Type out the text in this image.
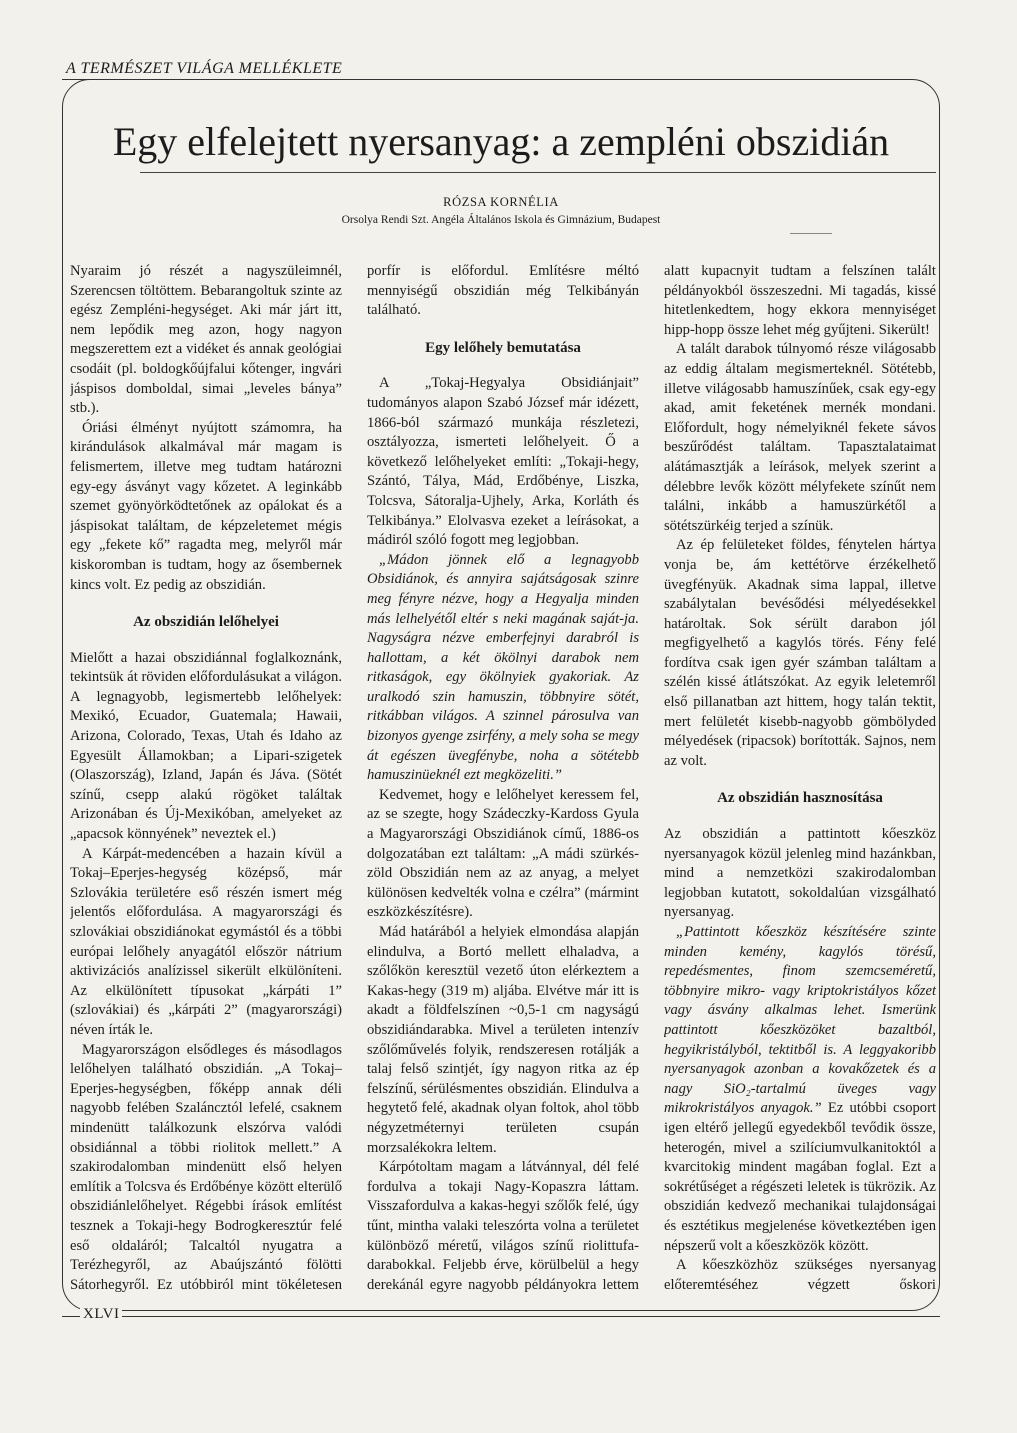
A TERMÉSZET VILÁGA MELLÉKLETE
Egy elfelejtett nyersanyag: a zempléni obszidián
RÓZSA KORNÉLIA
Orsolya Rendi Szt. Angéla Általános Iskola és Gimnázium, Budapest

Nyaraim jó részét a nagyszüleimnél, Szerencsen töltöttem. Bebarangoltuk szinte az egész Zempléni-hegységet. Aki már járt itt, nem lepődik meg azon, hogy nagyon megszerettem ezt a vidéket és annak geológiai csodáit (pl. boldogkőújfalui kőtenger, ingvári jáspisos domboldal, simai „leveles bánya” stb.).

Óriási élményt nyújtott számomra, ha kirándulások alkalmával már magam is felismertem, illetve meg tudtam határozni egy-egy ásványt vagy kőzetet. A leginkább szemet gyönyörködtetőnek az opálokat és a jáspisokat találtam, de képzeletemet mégis egy „fekete kő” ragadta meg, melyről már kiskoromban is tudtam, hogy az ősembernek kincs volt. Ez pedig az obszidián.

Az obszidián lelőhelyei

Mielőtt a hazai obszidiánnal foglalkoznánk, tekintsük át röviden előfordulásukat a világon. A legnagyobb, legismertebb lelőhelyek: Mexikó, Ecuador, Guatemala; Hawaii, Arizona, Colorado, Texas, Utah és Idaho az Egyesült Államokban; a Lipari-szigetek (Olaszország), Izland, Japán és Jáva. (Sötét színű, csepp alakú rögöket találtak Arizonában és Új-Mexikóban, amelyeket az „apacsok könnyének” neveztek el.)

A Kárpát-medencében a hazain kívül a Tokaj–Eperjes-hegység középső, már Szlovákia területére eső részén ismert még jelentős előfordulása. A magyarországi és szlovákiai obszidiánokat egymástól és a többi európai lelőhely anyagától először nátrium aktivizációs analízissel sikerült elkülöníteni. Az elkülönített típusokat „kárpáti 1” (szlovákiai) és „kárpáti 2” (magyarországi) néven írták le.

Magyarországon elsődleges és másodlagos lelőhelyen található obszidián. „A Tokaj–Eperjes-hegységben, főképp annak déli nagyobb felében Szaláncztól lefelé, csaknem mindenütt találkozunk elszórva valódi obsidiánnal a többi riolitok mellett.” A szakirodalomban mindenütt első helyen említik a Tolcsva és Erdőbénye között elterülő obszidiánlelőhelyet. Régebbi írások említést tesznek a Tokaji-hegy Bodrogkeresztúr felé eső oldaláról; Talcaltól nyugatra a Terézhegyről, az Abaújszántó fölötti Sátorhegyről. Ez utóbbiról mint tökéletesen

porfír is előfordul. Említésre méltó mennyiségű obszidián még Telkibányán található.

Egy lelőhely bemutatása

A „Tokaj-Hegyalya Obsidiánjait” tudományos alapon Szabó József már idézett, 1866-ból származó munkája részletezi, osztályozza, ismerteti lelőhelyeit. Ő a következő lelőhelyeket említi: „Tokaji-hegy, Szántó, Tálya, Mád, Erdőbénye, Liszka, Tolcsva, Sátoralja-Ujhely, Arka, Korláth és Telkibánya.” Elolvasva ezeket a leírásokat, a mádiról szóló fogott meg legjobban.

„Mádon jönnek elő a legnagyobb Obsidiánok, és annyira sajátságosak szinre meg fényre nézve, hogy a Hegyalja minden más lelhelyétől eltér s neki magának saját-ja. Nagyságra nézve emberfejnyi darabról is hallottam, a két ökölnyi darabok nem ritkaságok, egy ökölnyiek gyakoriak. Az uralkodó szin hamuszin, többnyire sötét, ritkábban világos. A szinnel párosulva van bizonyos gyenge zsirfény, a mely soha se megy át egészen üvegfénybe, noha a sötétebb hamuszinüeknél ezt megközeliti.”

Kedvemet, hogy e lelőhelyet keressem fel, az se szegte, hogy Szádeczky-Kardoss Gyula a Magyarországi Obszidiánok című, 1886-os dolgozatában ezt találtam: „A mádi szürkés-zöld Obszidián nem az az anyag, a melyet különösen kedvelték volna e czélra” (mármint eszközkészítésre).

Mád határából a helyiek elmondása alapján elindulva, a Bortó mellett elhaladva, a szőlőkön keresztül vezető úton elérkeztem a Kakas-hegy (319 m) aljába. Elvétve már itt is akadt a földfelszínen ~0,5-1 cm nagyságú obszidiándarabka. Mivel a területen intenzív szőlőművelés folyik, rendszeresen rotálják a talaj felső szintjét, így nagyon ritka az ép felszínű, sérülésmentes obszidián. Elindulva a hegytető felé, akadnak olyan foltok, ahol több négyzetméternyi területen csupán morzsalékokra leltem.

Kárpótoltam magam a látvánnyal, dél felé fordulva a tokaji Nagy-Kopaszra láttam. Visszafordulva a kakas-hegyi szőlők felé, úgy tűnt, mintha valaki teleszórta volna a területet különböző méretű, világos színű riolittufa-darabokkal. Feljebb érve, körülbelül a hegy derekánál egyre nagyobb példányokra lettem

alatt kupacnyit tudtam a felszínen talált példányokból összeszedni. Mi tagadás, kissé hitetlenkedtem, hogy ekkora mennyiséget hipp-hopp össze lehet még gyűjteni. Sikerült!

A talált darabok túlnyomó része világosabb az eddig általam megismerteknél. Sötétebb, illetve világosabb hamuszínűek, csak egy-egy akad, amit feketének mernék mondani. Előfordult, hogy némelyiknél fekete sávos beszűrődést találtam. Tapasztalataimat alátámasztják a leírások, melyek szerint a délebbre levők között mélyfekete színűt nem találni, inkább a hamuszürkétől a sötétszürkéig terjed a színük.

Az ép felületeket földes, fénytelen hártya vonja be, ám kettétörve érzékelhető üvegfényük. Akadnak sima lappal, illetve szabálytalan bevésődési mélyedésekkel határoltak. Sok sérült darabon jól megfigyelhető a kagylós törés. Fény felé fordítva csak igen gyér számban találtam a szélén kissé átlátszókat. Az egyik leletemről első pillanatban azt hittem, hogy talán tektit, mert felületét kisebb-nagyobb gömbölyded mélyedések (ripacsok) borították. Sajnos, nem az volt.

Az obszidián hasznosítása

Az obszidián a pattintott kőeszköz nyersanyagok közül jelenleg mind hazánkban, mind a nemzetközi szakirodalomban legjobban kutatott, sokoldalúan vizsgálható nyersanyag.

„Pattintott kőeszköz készítésére szinte minden kemény, kagylós törésű, repedésmentes, finom szemcseméretű, többnyire mikro- vagy kriptokristályos kőzet vagy ásvány alkalmas lehet. Ismerünk pattintott kőeszközöket bazaltból, hegyikristályból, tektitből is. A leggyakoribb nyersanyagok azonban a kovakőzetek és a nagy SiO₂-tartalmú üveges vagy mikrokristályos anyagok.” Ez utóbbi csoport igen eltérő jellegű egyedekből tevődik össze, heterogén, mivel a szilíciumvulkanitoktól a kvarcitokig mindent magában foglal. Ezt a sokrétűséget a régészeti leletek is tükrözik. Az obszidián kedvező mechanikai tulajdonságai és esztétikus megjelenése következtében igen népszerű volt a kőeszközök között.

A kőeszközhöz szükséges nyersanyag előteremtéséhez végzett őskori

XLVI
